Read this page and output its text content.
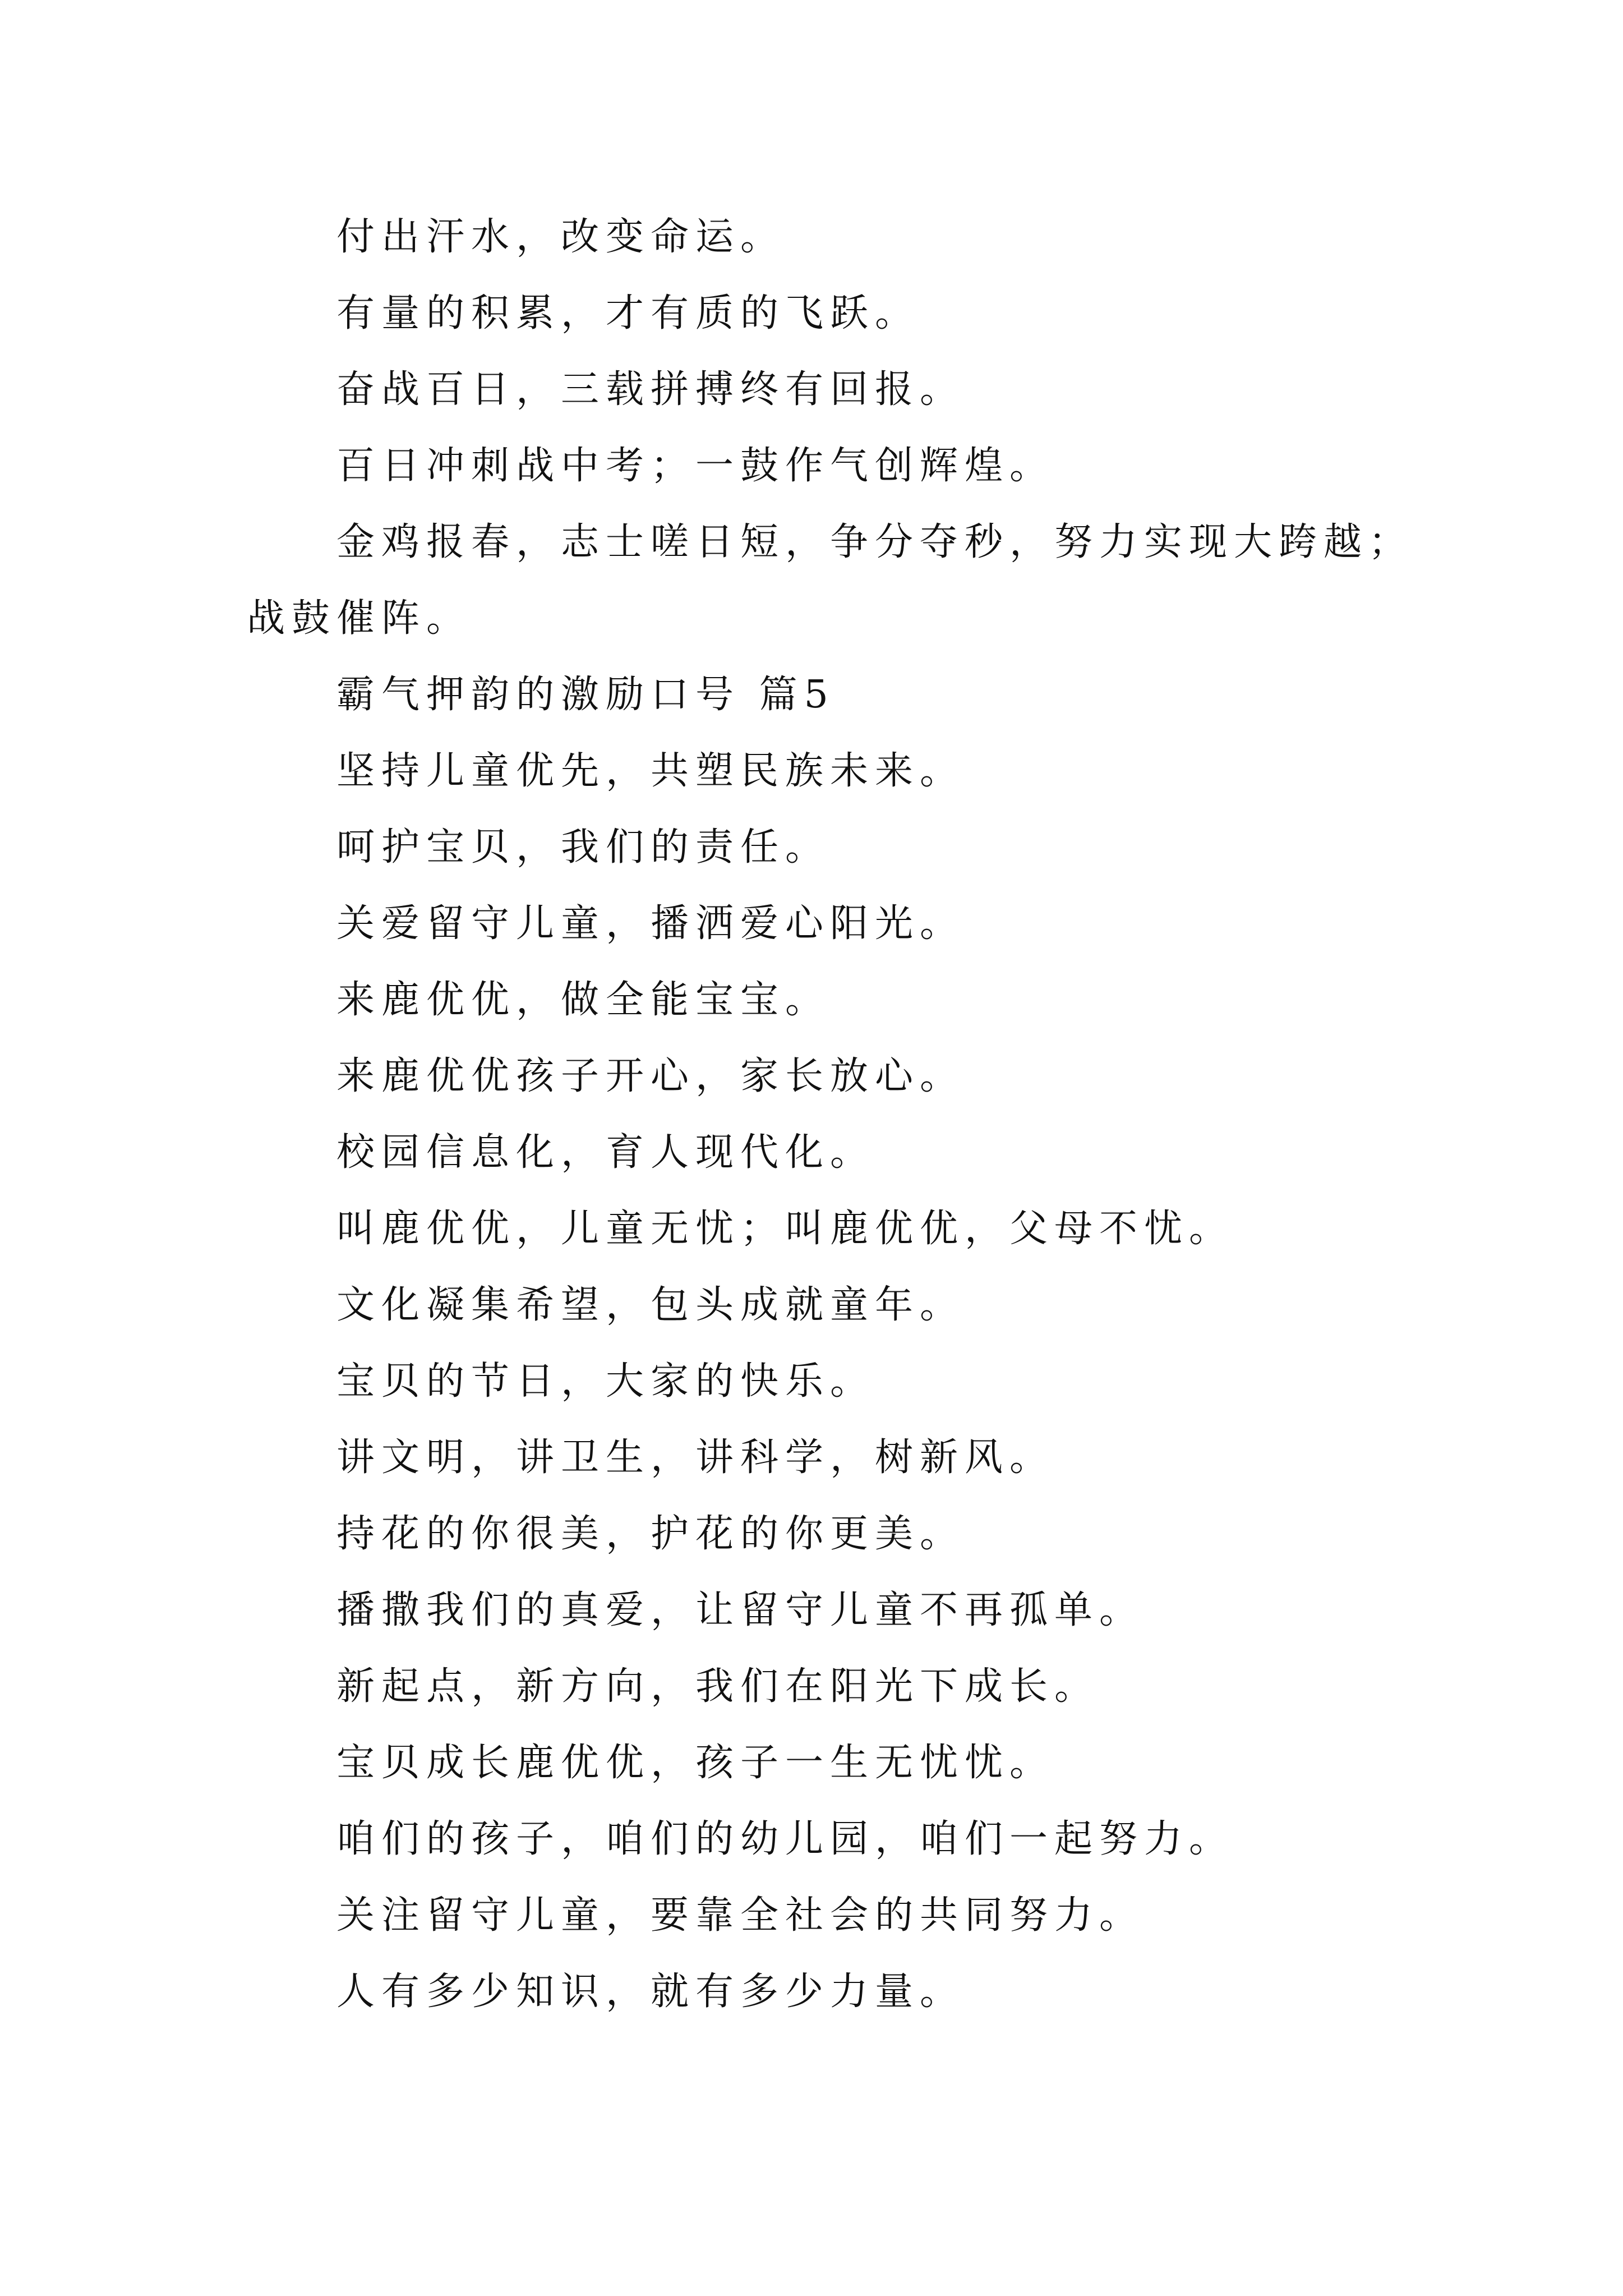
付出汗水，改变命运。

有量的积累，才有质的飞跃。

奋战百日，三载拼搏终有回报。

百日冲刺战中考；一鼓作气创辉煌。

金鸡报春，志士嗟日短，争分夺秒，努力实现大跨越；战鼓催阵。

霸气押韵的激励口号 篇5

坚持儿童优先，共塑民族未来。

呵护宝贝，我们的责任。

关爱留守儿童，播洒爱心阳光。

来鹿优优，做全能宝宝。

来鹿优优孩子开心，家长放心。

校园信息化，育人现代化。

叫鹿优优，儿童无忧；叫鹿优优，父母不忧。

文化凝集希望，包头成就童年。

宝贝的节日，大家的快乐。

讲文明，讲卫生，讲科学，树新风。

持花的你很美，护花的你更美。

播撒我们的真爱，让留守儿童不再孤单。

新起点，新方向，我们在阳光下成长。

宝贝成长鹿优优，孩子一生无忧忧。

咱们的孩子，咱们的幼儿园，咱们一起努力。

关注留守儿童，要靠全社会的共同努力。

人有多少知识，就有多少力量。
